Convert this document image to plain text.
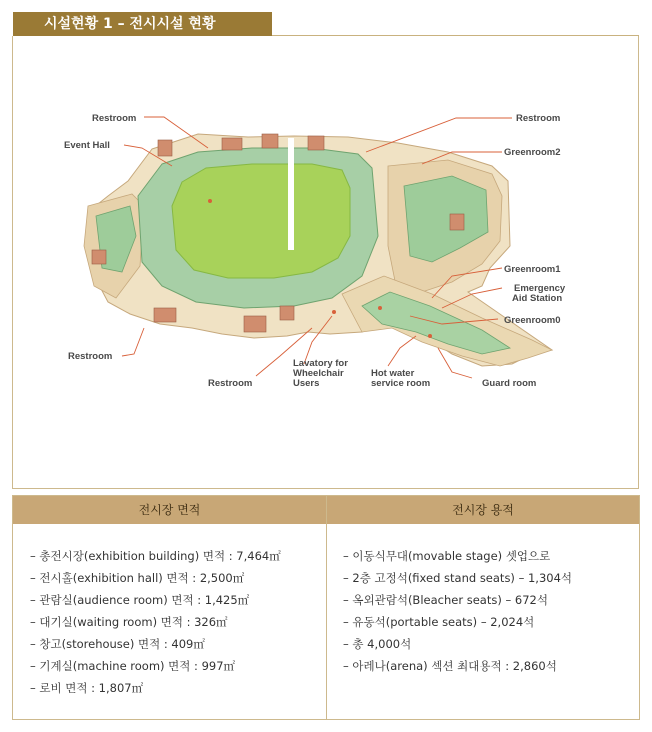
시설현황 1 – 전시시설 현황
Restroom
Event Hall
Restroom
Greenroom2
Greenroom1
Emergency
Aid Station
Greenroom0
Restroom
Lavatory for
Wheelchair
Users
Restroom
Hot water
service room	Guard room
전시장 면적	전시장 용적
– 총전시장(exhibition building) 면적 : 7,464㎡
– 전시홀(exhibition hall) 면적 : 2,500㎡
– 관람실(audience room) 면적 : 1,425㎡
– 대기실(waiting room) 면적 : 326㎡
– 창고(storehouse) 면적 : 409㎡
– 기계실(machine room) 면적 : 997㎡
– 로비 면적 : 1,807㎡
– 이동식무대(movable stage) 셋업으로
– 2층 고정석(fixed stand seats) – 1,304석
– 옥외관람석(Bleacher seats) – 672석
– 유동석(portable seats) – 2,024석
– 총 4,000석
– 아레나(arena) 섹션 최대용적 : 2,860석
